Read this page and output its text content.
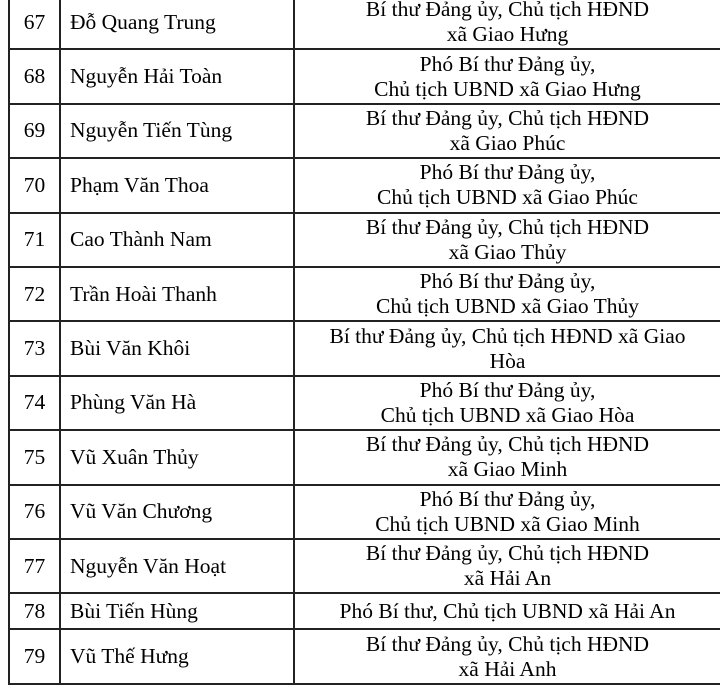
67	Đỗ Quang Trung	Bí thư Đảng ủy, Chủ tịch HĐND
xã Giao Hưng

68	Nguyễn Hải Toàn	Phó Bí thư Đảng ủy,
Chủ tịch UBND xã Giao Hưng

69	Nguyễn Tiến Tùng	Bí thư Đảng ủy, Chủ tịch HĐND
xã Giao Phúc

70	Phạm Văn Thoa	Phó Bí thư Đảng ủy,
Chủ tịch UBND xã Giao Phúc

71	Cao Thành Nam	Bí thư Đảng ủy, Chủ tịch HĐND
xã Giao Thủy

72	Trần Hoài Thanh	Phó Bí thư Đảng ủy,
Chủ tịch UBND xã Giao Thủy

73	Bùi Văn Khôi	Bí thư Đảng ủy, Chủ tịch HĐND xã Giao
Hòa

74	Phùng Văn Hà	Phó Bí thư Đảng ủy,
Chủ tịch UBND xã Giao Hòa

75	Vũ Xuân Thủy	Bí thư Đảng ủy, Chủ tịch HĐND
xã Giao Minh

76	Vũ Văn Chương	Phó Bí thư Đảng ủy,
Chủ tịch UBND xã Giao Minh

77	Nguyễn Văn Hoạt	Bí thư Đảng ủy, Chủ tịch HĐND
xã Hải An

78	Bùi Tiến Hùng	Phó Bí thư, Chủ tịch UBND xã Hải An

79	Vũ Thế Hưng	Bí thư Đảng ủy, Chủ tịch HĐND
xã Hải Anh
